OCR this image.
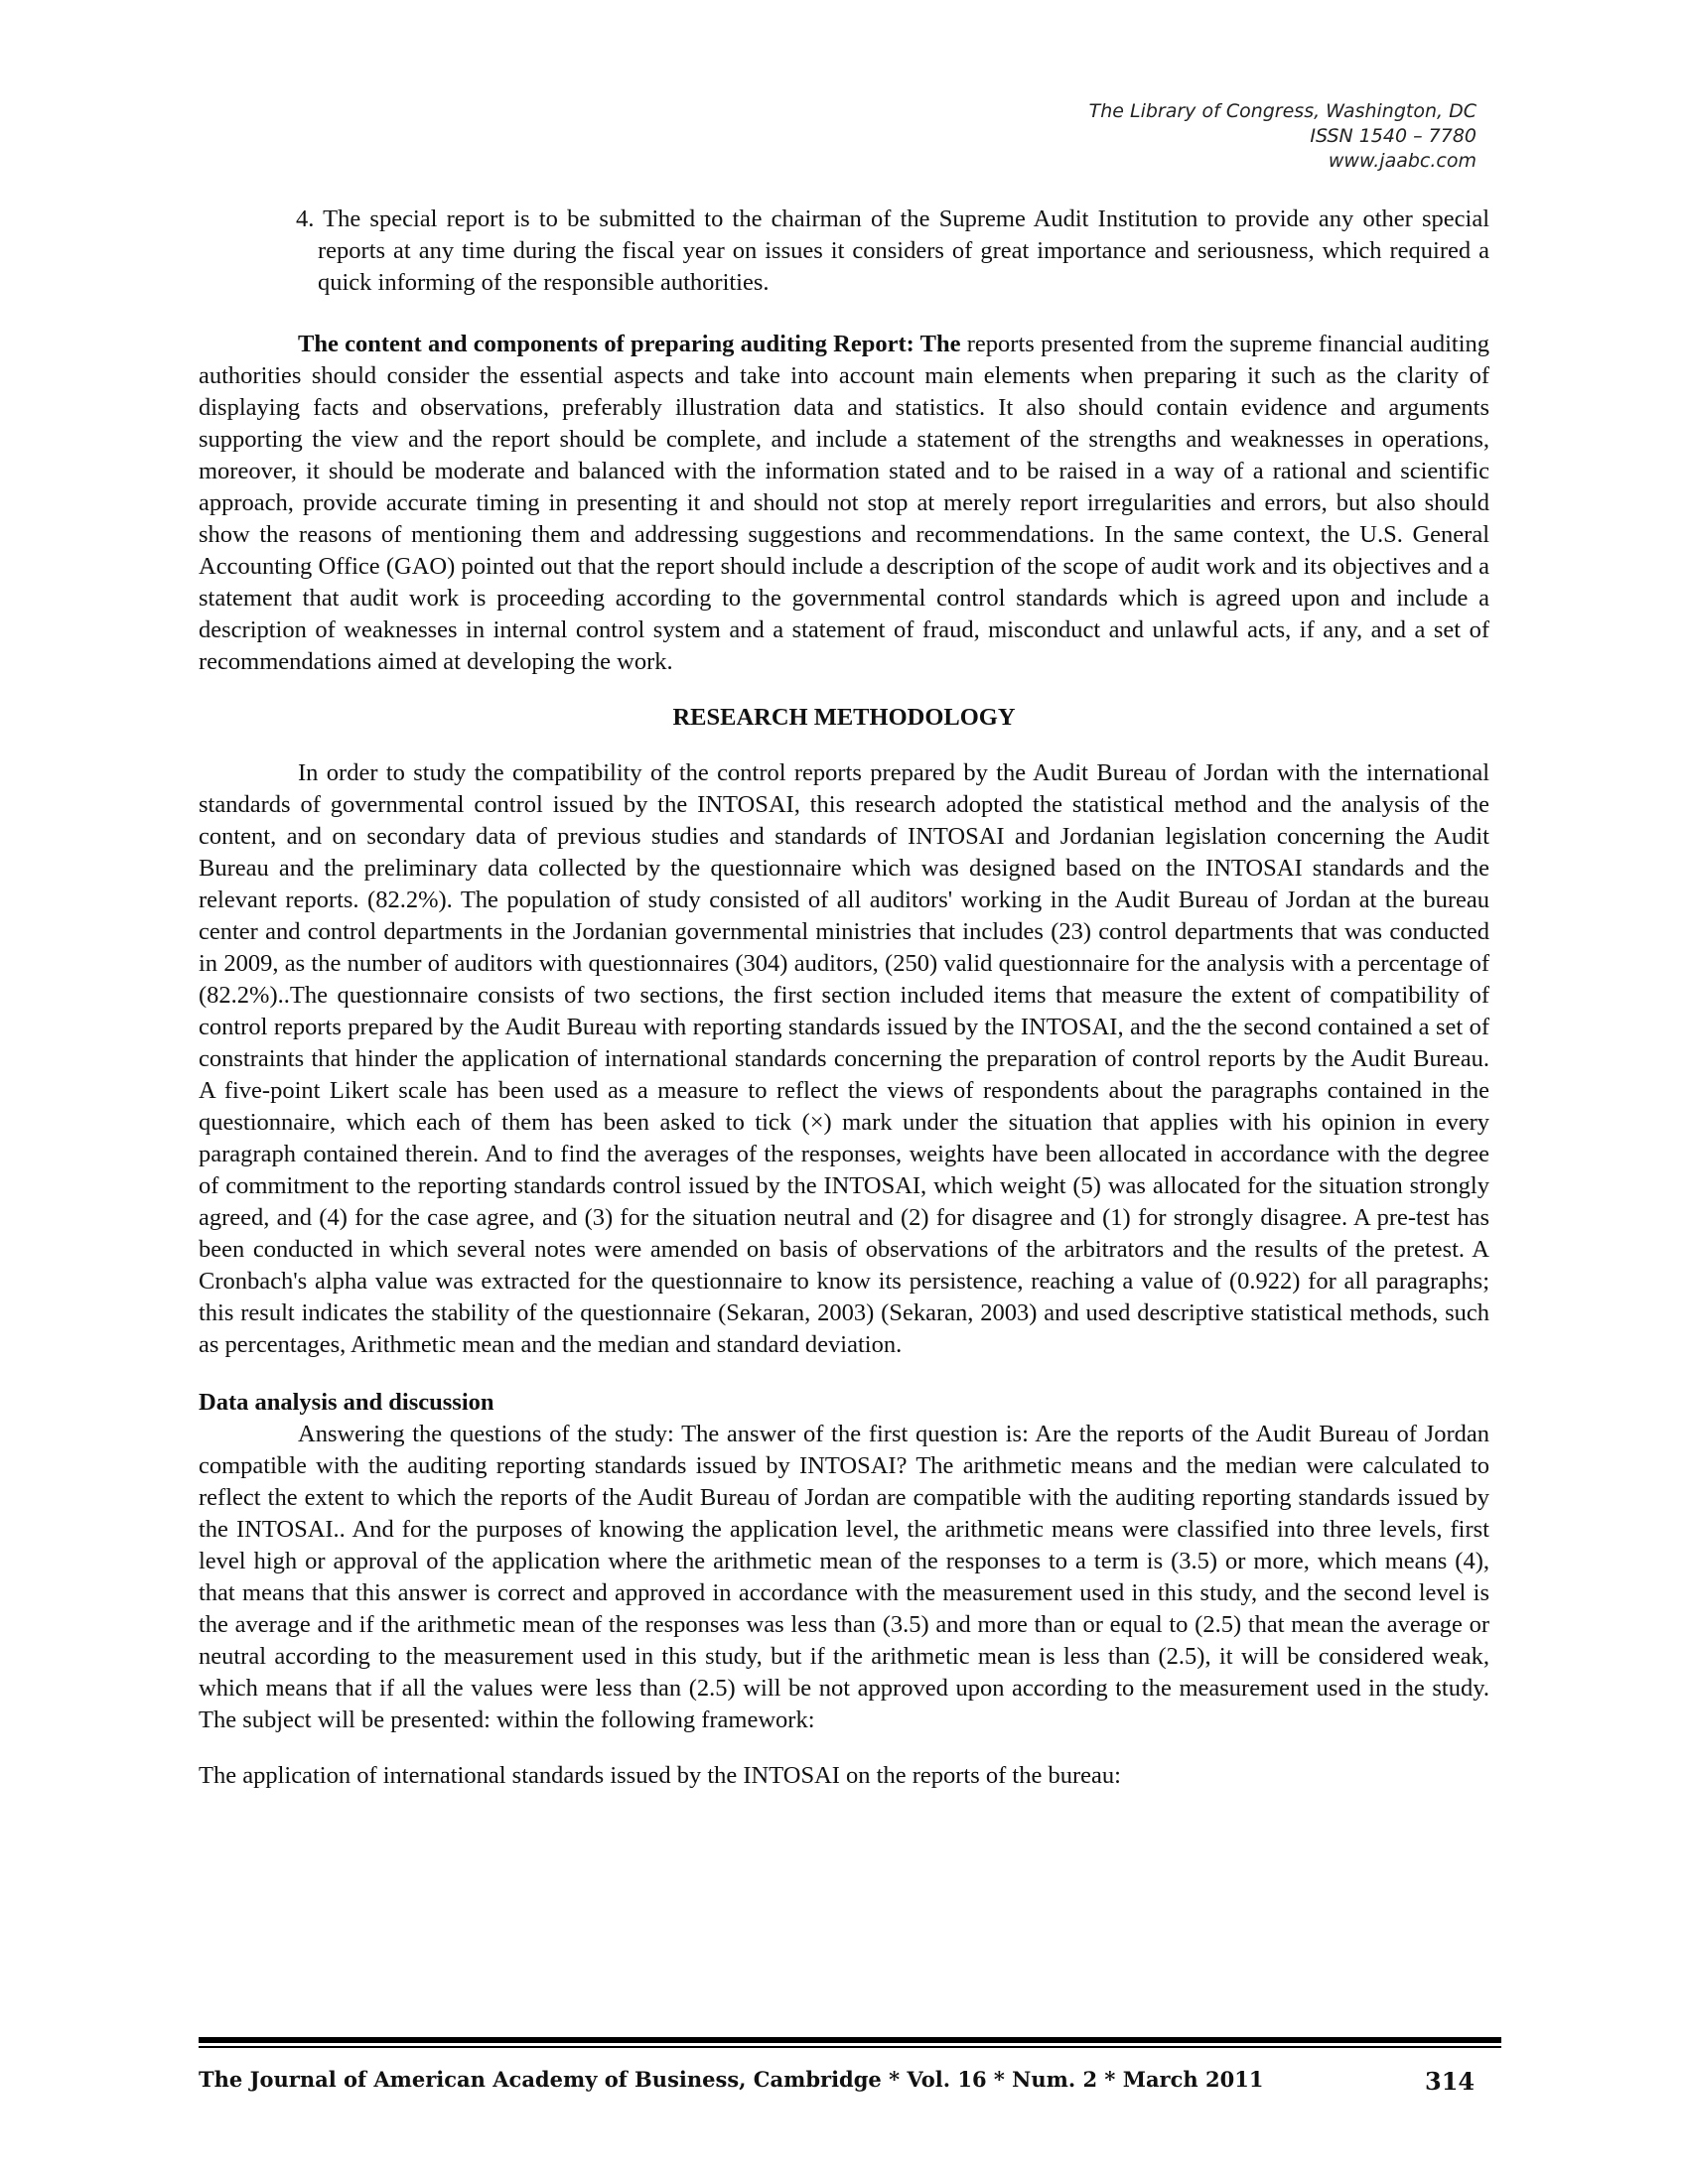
The Library of Congress, Washington, DC
ISSN 1540 – 7780
www.jaabc.com

4. The special report is to be submitted to the chairman of the Supreme Audit Institution to provide any other special reports at any time during the fiscal year on issues it considers of great importance and seriousness, which required a quick informing of the responsible authorities.

The content and components of preparing auditing Report: The reports presented from the supreme financial auditing authorities should consider the essential aspects and take into account main elements when preparing it such as the clarity of displaying facts and observations, preferably illustration data and statistics. It also should contain evidence and arguments supporting the view and the report should be complete, and include a statement of the strengths and weaknesses in operations, moreover, it should be moderate and balanced with the information stated and to be raised in a way of a rational and scientific approach, provide accurate timing in presenting it and should not stop at merely report irregularities and errors, but also should show the reasons of mentioning them and addressing suggestions and recommendations. In the same context, the U.S. General Accounting Office (GAO) pointed out that the report should include a description of the scope of audit work and its objectives and a statement that audit work is proceeding according to the governmental control standards which is agreed upon and include a description of weaknesses in internal control system and a statement of fraud, misconduct and unlawful acts, if any, and a set of recommendations aimed at developing the work.

RESEARCH METHODOLOGY

In order to study the compatibility of the control reports prepared by the Audit Bureau of Jordan with the international standards of governmental control issued by the INTOSAI, this research adopted the statistical method and the analysis of the content, and on secondary data of previous studies and standards of INTOSAI and Jordanian legislation concerning the Audit Bureau and the preliminary data collected by the questionnaire which was designed based on the INTOSAI standards and the relevant reports. (82.2%). The population of study consisted of all auditors' working in the Audit Bureau of Jordan at the bureau center and control departments in the Jordanian governmental ministries that includes (23) control departments that was conducted in 2009, as the number of auditors with questionnaires (304) auditors, (250) valid questionnaire for the analysis with a percentage of (82.2%)..The questionnaire consists of two sections, the first section included items that measure the extent of compatibility of control reports prepared by the Audit Bureau with reporting standards issued by the INTOSAI, and the the second contained a set of constraints that hinder the application of international standards concerning the preparation of control reports by the Audit Bureau. A five-point Likert scale has been used as a measure to reflect the views of respondents about the paragraphs contained in the questionnaire, which each of them has been asked to tick (×) mark under the situation that applies with his opinion in every paragraph contained therein. And to find the averages of the responses, weights have been allocated in accordance with the degree of commitment to the reporting standards control issued by the INTOSAI, which weight (5) was allocated for the situation strongly agreed, and (4) for the case agree, and (3) for the situation neutral and (2) for disagree and (1) for strongly disagree. A pre-test has been conducted in which several notes were amended on basis of observations of the arbitrators and the results of the pretest. A Cronbach's alpha value was extracted for the questionnaire to know its persistence, reaching a value of (0.922) for all paragraphs; this result indicates the stability of the questionnaire (Sekaran, 2003) (Sekaran, 2003) and used descriptive statistical methods, such as percentages, Arithmetic mean and the median and standard deviation.

Data analysis and discussion

Answering the questions of the study: The answer of the first question is: Are the reports of the Audit Bureau of Jordan compatible with the auditing reporting standards issued by INTOSAI? The arithmetic means and the median were calculated to reflect the extent to which the reports of the Audit Bureau of Jordan are compatible with the auditing reporting standards issued by the INTOSAI.. And for the purposes of knowing the application level, the arithmetic means were classified into three levels, first level high or approval of the application where the arithmetic mean of the responses to a term is (3.5) or more, which means (4), that means that this answer is correct and approved in accordance with the measurement used in this study, and the second level is the average and if the arithmetic mean of the responses was less than (3.5) and more than or equal to (2.5) that mean the average or neutral according to the measurement used in this study, but if the arithmetic mean is less than (2.5), it will be considered weak, which means that if all the values were less than (2.5) will be not approved upon according to the measurement used in the study. The subject will be presented: within the following framework:

The application of international standards issued by the INTOSAI on the reports of the bureau:

The Journal of American Academy of Business, Cambridge * Vol. 16 * Num. 2 * March 2011	314
